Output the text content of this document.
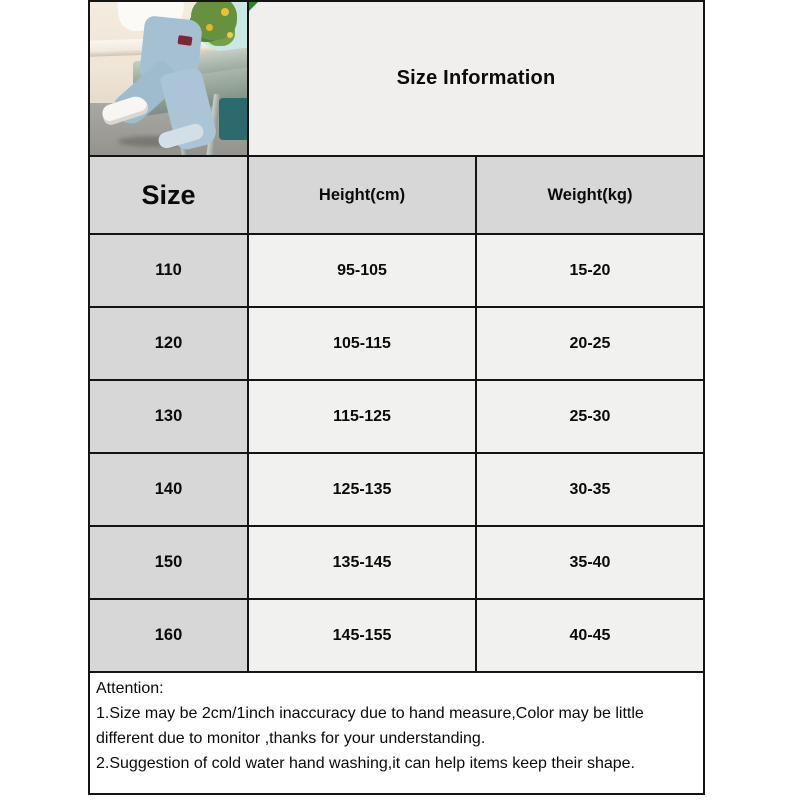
Size Information
Size	Height(cm)	Weight(kg)
110	95-105	15-20
120	105-115	20-25
130	115-125	25-30
140	125-135	30-35
150	135-145	35-40
160	145-155	40-45
Attention:
1.Size may be 2cm/1inch inaccuracy due to hand measure,Color may be little different due to monitor ,thanks for your understanding.
2.Suggestion of cold water hand washing,it can help items keep their shape.
